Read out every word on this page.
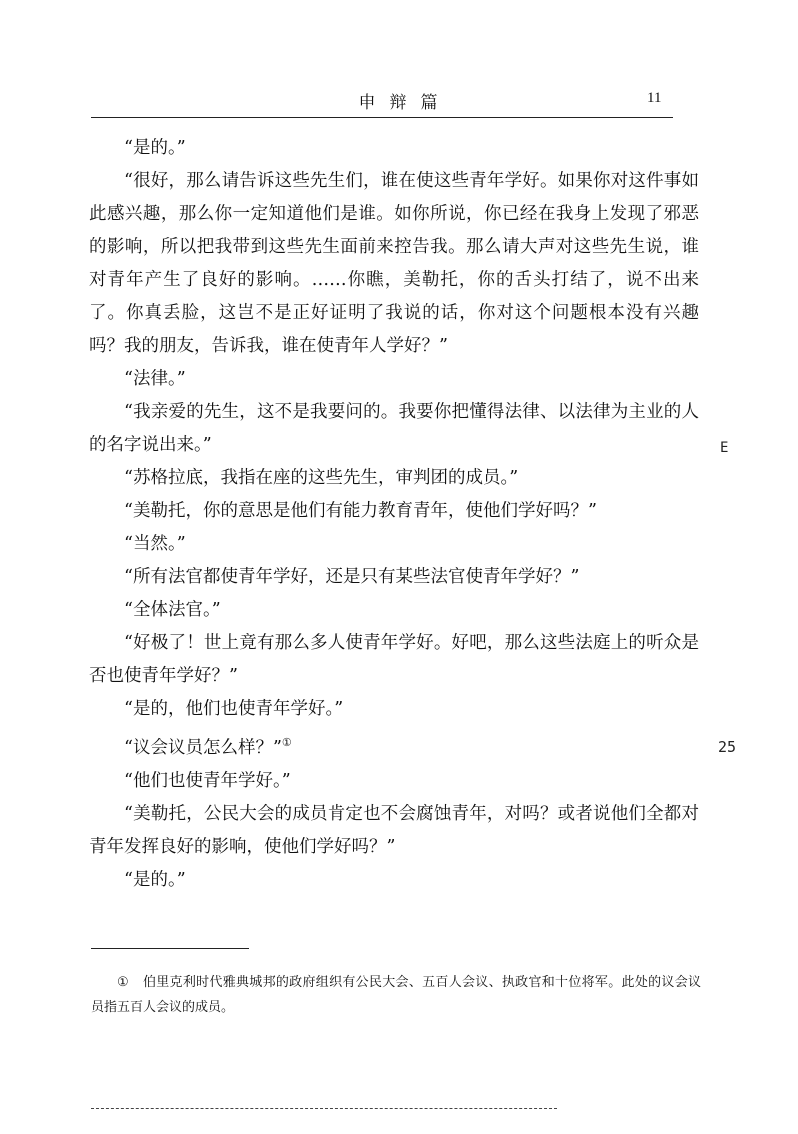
申辩篇	11

“是的。”

“很好，那么请告诉这些先生们，谁在使这些青年学好。如果你对这件事如此感兴趣，那么你一定知道他们是谁。如你所说，你已经在我身上发现了邪恶的影响，所以把我带到这些先生面前来控告我。那么请大声对这些先生说，谁对青年产生了良好的影响。……你瞧，美勒托，你的舌头打结了，说不出来了。你真丢脸，这岂不是正好证明了我说的话，你对这个问题根本没有兴趣吗？我的朋友，告诉我，谁在使青年人学好？”

“法律。”

“我亲爱的先生，这不是我要问的。我要你把懂得法律、以法律为主业的人的名字说出来。”

“苏格拉底，我指在座的这些先生，审判团的成员。”

“美勒托，你的意思是他们有能力教育青年，使他们学好吗？”

“当然。”

“所有法官都使青年学好，还是只有某些法官使青年学好？”

“全体法官。”

“好极了！世上竟有那么多人使青年学好。好吧，那么这些法庭上的听众是否也使青年学好？”

“是的，他们也使青年学好。”

“议会议员怎么样？”①

“他们也使青年学好。”

“美勒托，公民大会的成员肯定也不会腐蚀青年，对吗？或者说他们全都对青年发挥良好的影响，使他们学好吗？”

“是的。”

E
25

① 伯里克利时代雅典城邦的政府组织有公民大会、五百人会议、执政官和十位将军。此处的议会议员指五百人会议的成员。
